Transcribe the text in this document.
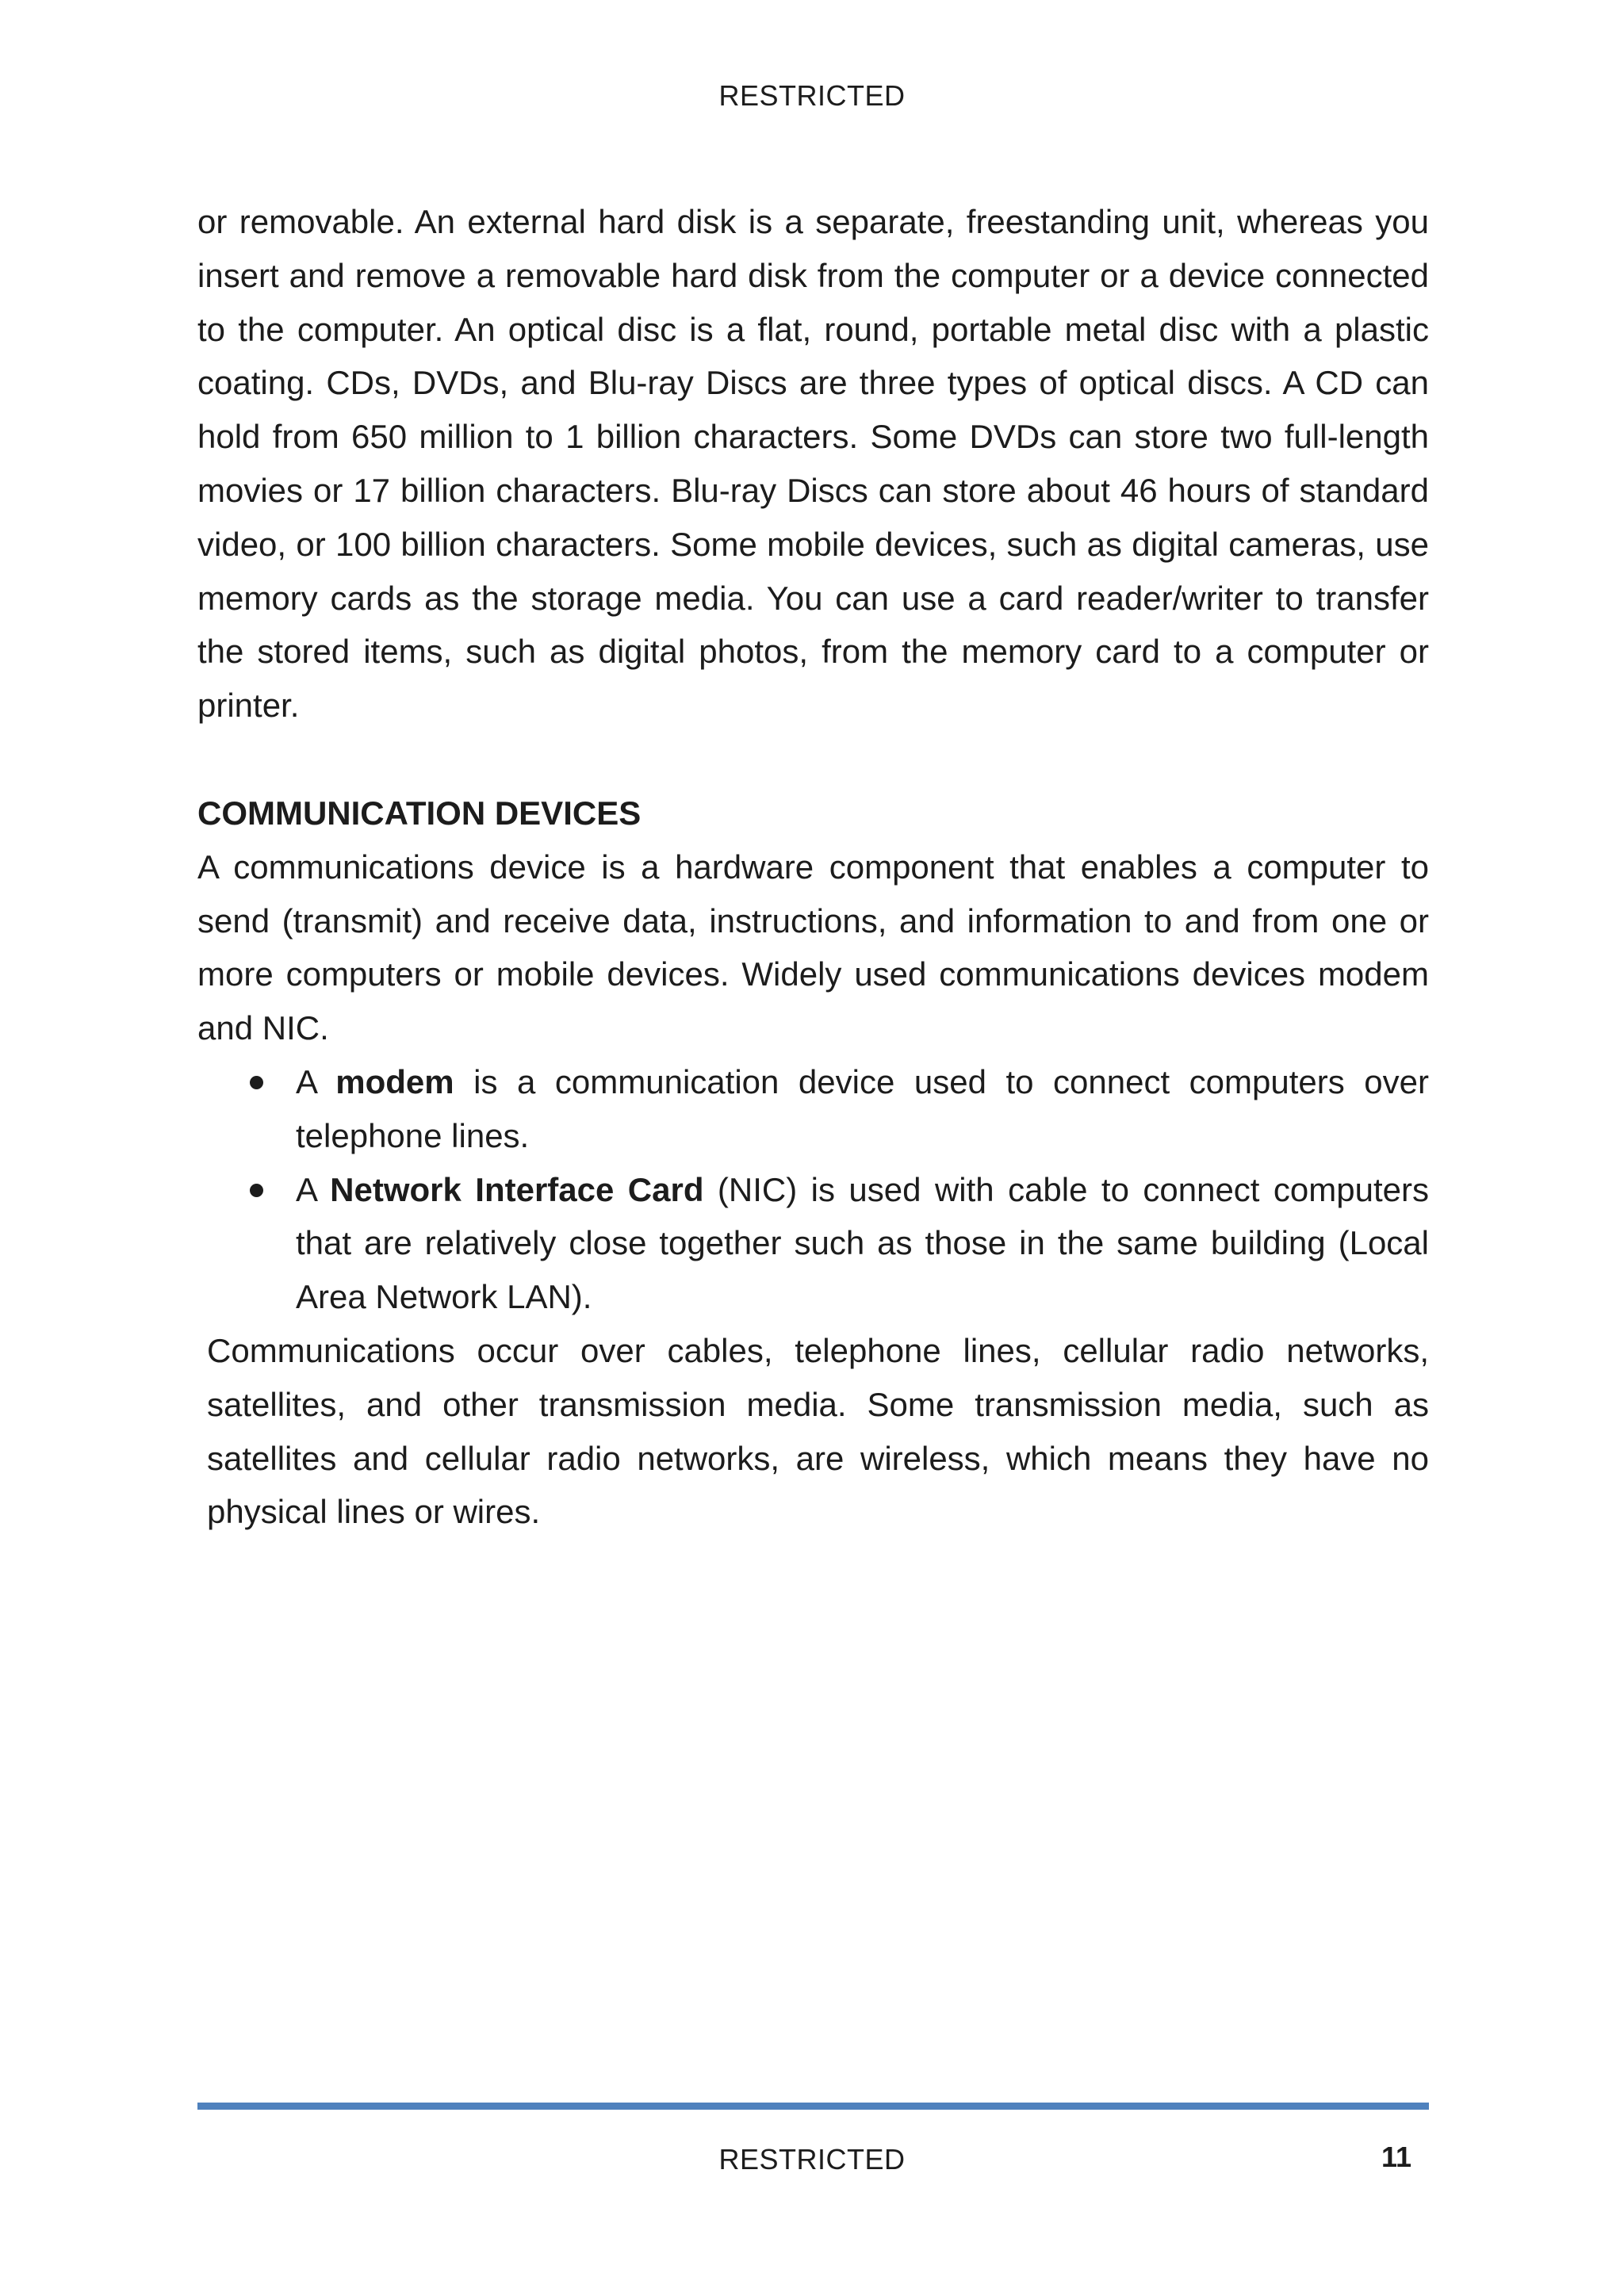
RESTRICTED

or removable. An external hard disk is a separate, freestanding unit, whereas you insert and remove a removable hard disk from the computer or a device connected to the computer. An optical disc is a flat, round, portable metal disc with a plastic coating. CDs, DVDs, and Blu-ray Discs are three types of optical discs. A CD can hold from 650 million to 1 billion characters. Some DVDs can store two full-length movies or 17 billion characters. Blu-ray Discs can store about 46 hours of standard video, or 100 billion characters. Some mobile devices, such as digital cameras, use memory cards as the storage media. You can use a card reader/writer to transfer the stored items, such as digital photos, from the memory card to a computer or printer.

COMMUNICATION DEVICES

A communications device is a hardware component that enables a computer to send (transmit) and receive data, instructions, and information to and from one or more computers or mobile devices. Widely used communications devices modem and NIC.

A modem is a communication device used to connect computers over telephone lines.
A Network Interface Card (NIC) is used with cable to connect computers that are relatively close together such as those in the same building (Local Area Network LAN).

Communications occur over cables, telephone lines, cellular radio networks, satellites, and other transmission media. Some transmission media, such as satellites and cellular radio networks, are wireless, which means they have no physical lines or wires.

RESTRICTED	11
